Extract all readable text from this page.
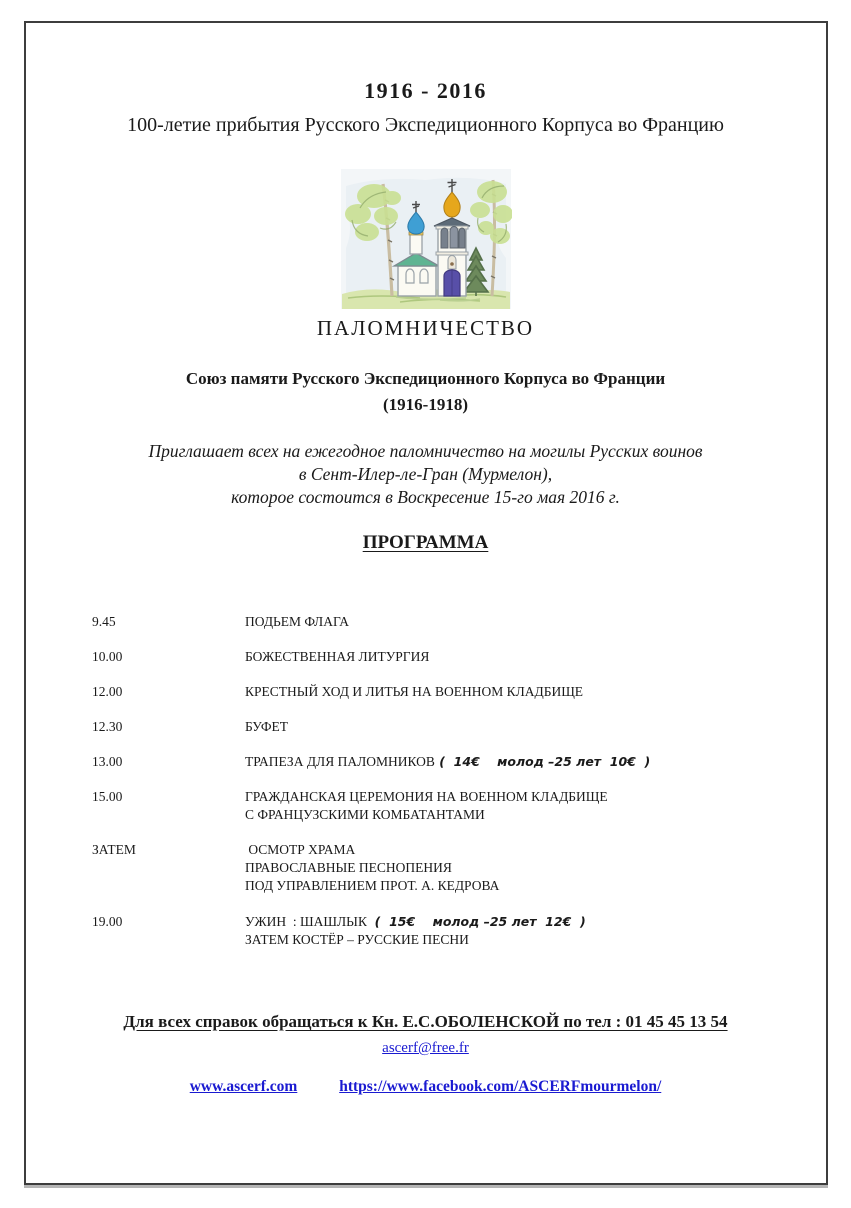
1916 - 2016
100-летие прибытия Русского Экспедиционного Корпуса во Францию
ПАЛОМНИЧЕСТВО
Союз памяти Русского Экспедиционного Корпуса во Франции
(1916-1918)
Приглашает всех на ежегодное паломничество на могилы Русских воинов
в Сент-Илер-ле-Гран (Мурмелон),
которое состоится в Воскресение 15-го мая 2016 г.
ПРОГРАММА
9.45	ПОДЬЕМ ФЛАГА
10.00	БОЖЕСТВЕННАЯ ЛИТУРГИЯ
12.00	КРЕСТНЫЙ ХОД И ЛИТЬЯ НА ВОЕННОМ КЛАДБИЩЕ
12.30	БУФЕТ
13.00	ТРАПЕЗА ДЛЯ ПАЛОМНИКОВ (  14€    молод –25 лет  10€  )
15.00	ГРАЖДАНСКАЯ ЦЕРЕМОНИЯ НА ВОЕННОМ КЛАДБИЩЕ
С ФРАНЦУЗСКИМИ КОМБАТАНТАМИ
ЗАТЕМ	ОСМОТР ХРАМА
ПРАВОСЛАВНЫЕ ПЕСНОПЕНИЯ
ПОД УПРАВЛЕНИЕМ ПРОТ. А. КЕДРОВА
19.00	УЖИН  : ШАШЛЫК  (  15€    молод –25 лет  12€  )
ЗАТЕМ КОСТЁР – РУССКИЕ ПЕСНИ
Для всех справок обращаться к Кн. Е.С.ОБОЛЕНСКОЙ по тел : 01 45 45 13 54
ascerf@free.fr
www.ascerf.com	https://www.facebook.com/ASCERFmourmelon/
